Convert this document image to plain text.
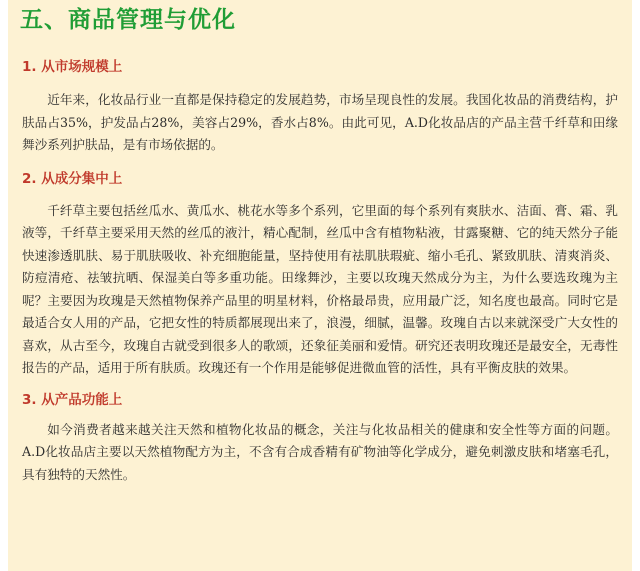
五、商品管理与优化
1. 从市场规模上

近年来，化妆品行业一直都是保持稳定的发展趋势，市场呈现良性的发展。我国化妆品的消费结构，护肤品占35%，护发品占28%，美容占29%，香水占8%。由此可见，A.D化妆品店的产品主营千纤草和田缘舞沙系列护肤品，是有市场依据的。

2. 从成分集中上

千纤草主要包括丝瓜水、黄瓜水、桃花水等多个系列，它里面的每个系列有爽肤水、洁面、膏、霜、乳液等，千纤草主要采用天然的丝瓜的液汁，精心配制，丝瓜中含有植物粘液，甘露聚糖、它的纯天然分子能快速渗透肌肤、易于肌肤吸收、补充细胞能量，坚持使用有祛肌肤瑕疵、缩小毛孔、紧致肌肤、清爽消炎、防痘清疮、祛皱抗晒、保湿美白等多重功能。田缘舞沙，主要以玫瑰天然成分为主，为什么要选玫瑰为主呢？主要因为玫瑰是天然植物保养产品里的明星材料，价格最昂贵，应用最广泛，知名度也最高。同时它是最适合女人用的产品，它把女性的特质都展现出来了，浪漫，细腻，温馨。玫瑰自古以来就深受广大女性的喜欢，从古至今，玫瑰自古就受到很多人的歌颂，还象征美丽和爱情。研究还表明玫瑰还是最安全，无毒性报告的产品，适用于所有肤质。玫瑰还有一个作用是能够促进微血管的活性，具有平衡皮肤的效果。

3. 从产品功能上

如今消费者越来越关注天然和植物化妆品的概念，关注与化妆品相关的健康和安全性等方面的问题。A.D化妆品店主要以天然植物配方为主，不含有合成香精有矿物油等化学成分，避免刺激皮肤和堵塞毛孔，具有独特的天然性。
